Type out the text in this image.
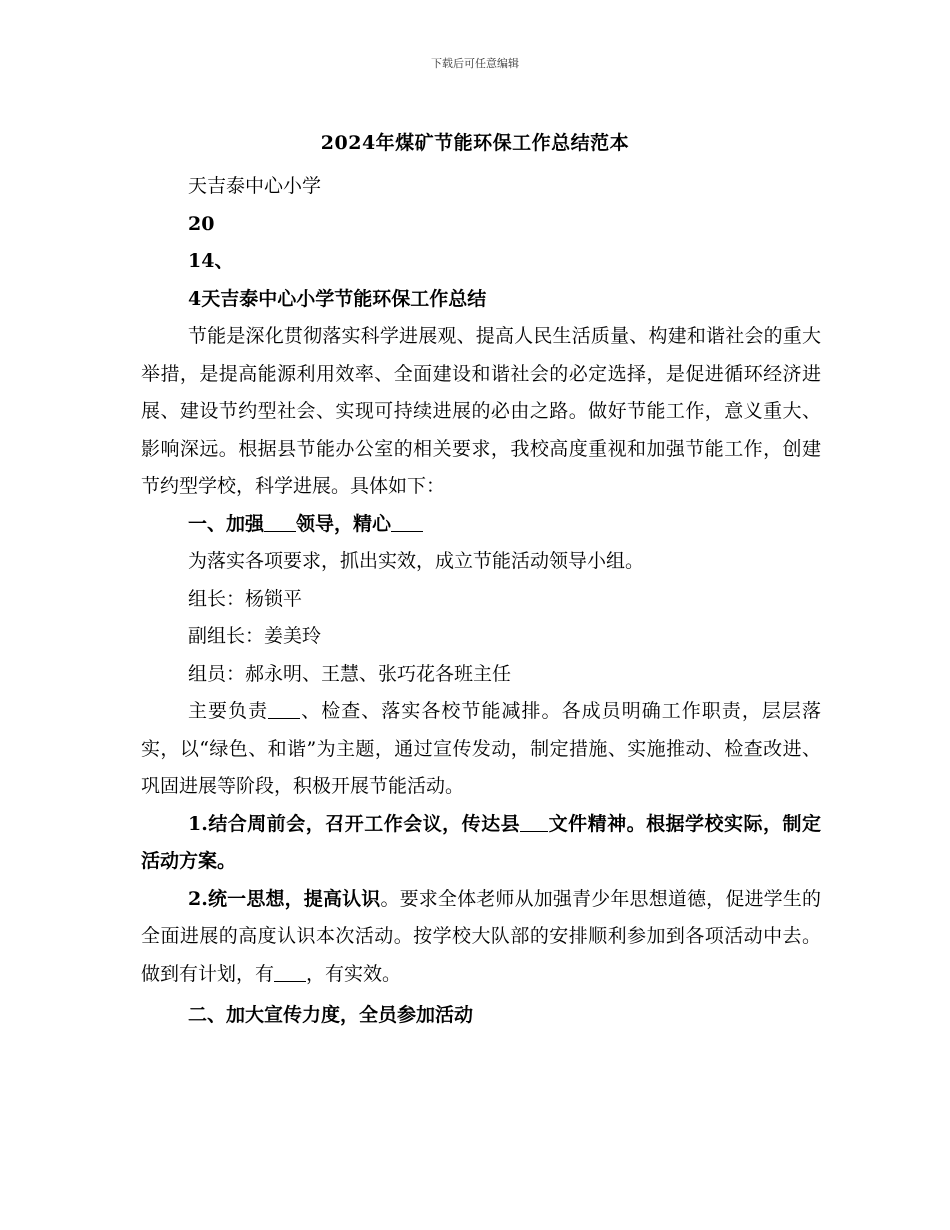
下载后可任意编辑
2024年煤矿节能环保工作总结范本

天吉泰中心小学

20

14、

4天吉泰中心小学节能环保工作总结

节能是深化贯彻落实科学进展观、提高人民生活质量、构建和谐社会的重大举措，是提高能源利用效率、全面建设和谐社会的必定选择，是促进循环经济进展、建设节约型社会、实现可持续进展的必由之路。做好节能工作，意义重大、影响深远。根据县节能办公室的相关要求，我校高度重视和加强节能工作，创建节约型学校，科学进展。具体如下：

一、加强 领导，精心

为落实各项要求，抓出实效，成立节能活动领导小组。

组长：杨锁平

副组长：姜美玲

组员：郝永明、王慧、张巧花各班主任

主要负责 、检查、落实各校节能减排。各成员明确工作职责，层层落实，以“绿色、和谐”为主题，通过宣传发动，制定措施、实施推动、检查改进、巩固进展等阶段，积极开展节能活动。

1.结合周前会，召开工作会议，传达县 文件精神。根据学校实际，制定活动方案。

2.统一思想，提高认识。要求全体老师从加强青少年思想道德，促进学生的全面进展的高度认识本次活动。按学校大队部的安排顺利参加到各项活动中去。做到有计划，有 ，有实效。

二、加大宣传力度，全员参加活动
